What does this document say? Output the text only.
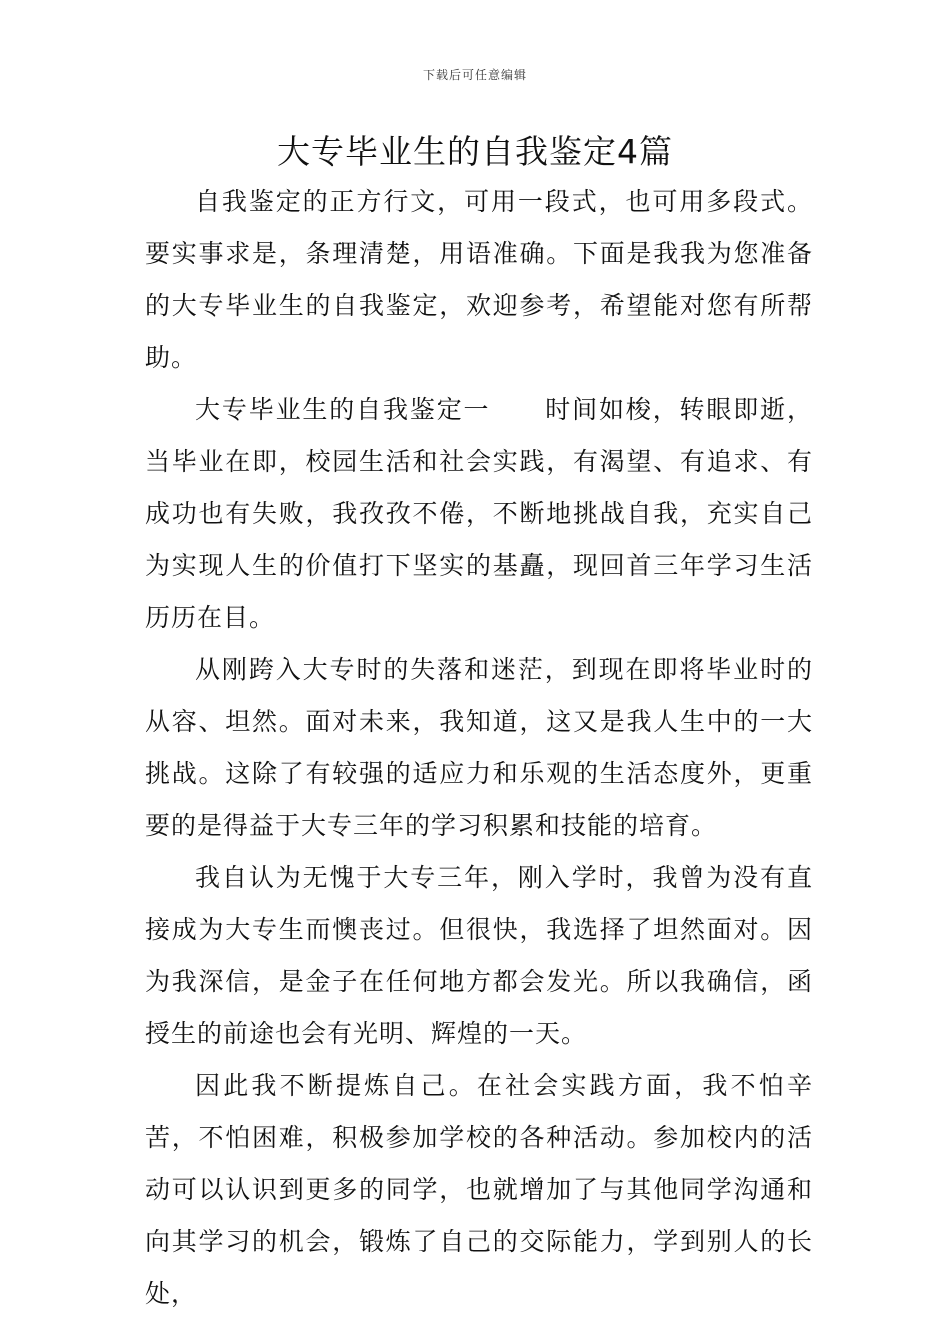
下载后可任意编辑
大专毕业生的自我鉴定4篇

自我鉴定的正方行文，可用一段式，也可用多段式。要实事求是，条理清楚，用语准确。下面是我我为您准备的大专毕业生的自我鉴定，欢迎参考，希望能对您有所帮助。

大专毕业生的自我鉴定一 时间如梭，转眼即逝，当毕业在即，校园生活和社会实践，有渴望、有追求、有成功也有失败，我孜孜不倦，不断地挑战自我，充实自己为实现人生的价值打下坚实的基矗，现回首三年学习生活历历在目。

从刚跨入大专时的失落和迷茫，到现在即将毕业时的从容、坦然。面对未来，我知道，这又是我人生中的一大挑战。这除了有较强的适应力和乐观的生活态度外，更重要的是得益于大专三年的学习积累和技能的培育。

我自认为无愧于大专三年，刚入学时，我曾为没有直接成为大专生而懊丧过。但很快，我选择了坦然面对。因为我深信，是金子在任何地方都会发光。所以我确信，函授生的前途也会有光明、辉煌的一天。

因此我不断提炼自己。在社会实践方面，我不怕辛苦，不怕困难，积极参加学校的各种活动。参加校内的活动可以认识到更多的同学，也就增加了与其他同学沟通和向其学习的机会，锻炼了自己的交际能力，学到别人的长处，
